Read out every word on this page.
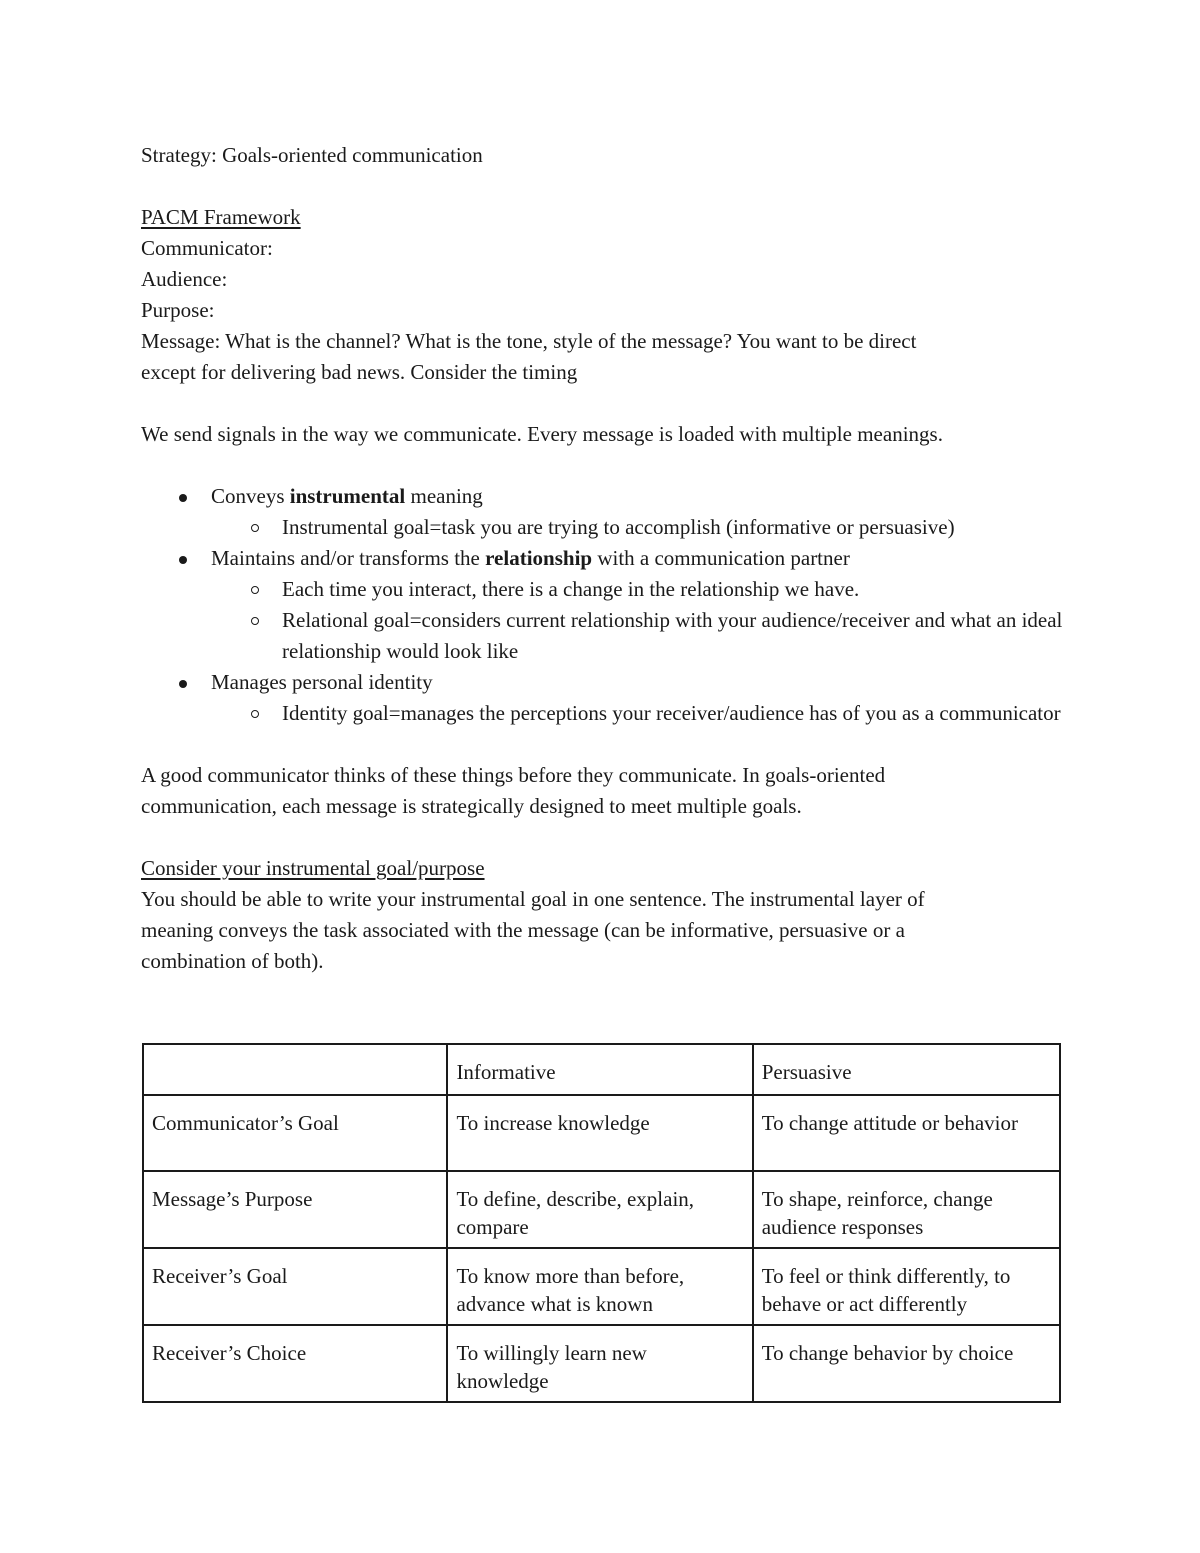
Strategy: Goals-oriented communication

PACM Framework

Communicator:

Audience:

Purpose:

Message: What is the channel? What is the tone, style of the message? You want to be direct

except for delivering bad news. Consider the timing

We send signals in the way we communicate. Every message is loaded with multiple meanings.

Conveys instrumental meaning
Instrumental goal=task you are trying to accomplish (informative or persuasive)
Maintains and/or transforms the relationship with a communication partner
Each time you interact, there is a change in the relationship we have.
Relational goal=considers current relationship with your audience/receiver and what an ideal relationship would look like
Manages personal identity
Identity goal=manages the perceptions your receiver/audience has of you as a communicator

A good communicator thinks of these things before they communicate. In goals-oriented

communication, each message is strategically designed to meet multiple goals.

Consider your instrumental goal/purpose

You should be able to write your instrumental goal in one sentence. The instrumental layer of

meaning conveys the task associated with the message (can be informative, persuasive or a

combination of both).

	Informative	Persuasive
Communicator’s Goal	To increase knowledge	To change attitude or behavior
Message’s Purpose	To define, describe, explain, compare	To shape, reinforce, change audience responses
Receiver’s Goal	To know more than before, advance what is known	To feel or think differently, to behave or act differently
Receiver’s Choice	To willingly learn new knowledge	To change behavior by choice
